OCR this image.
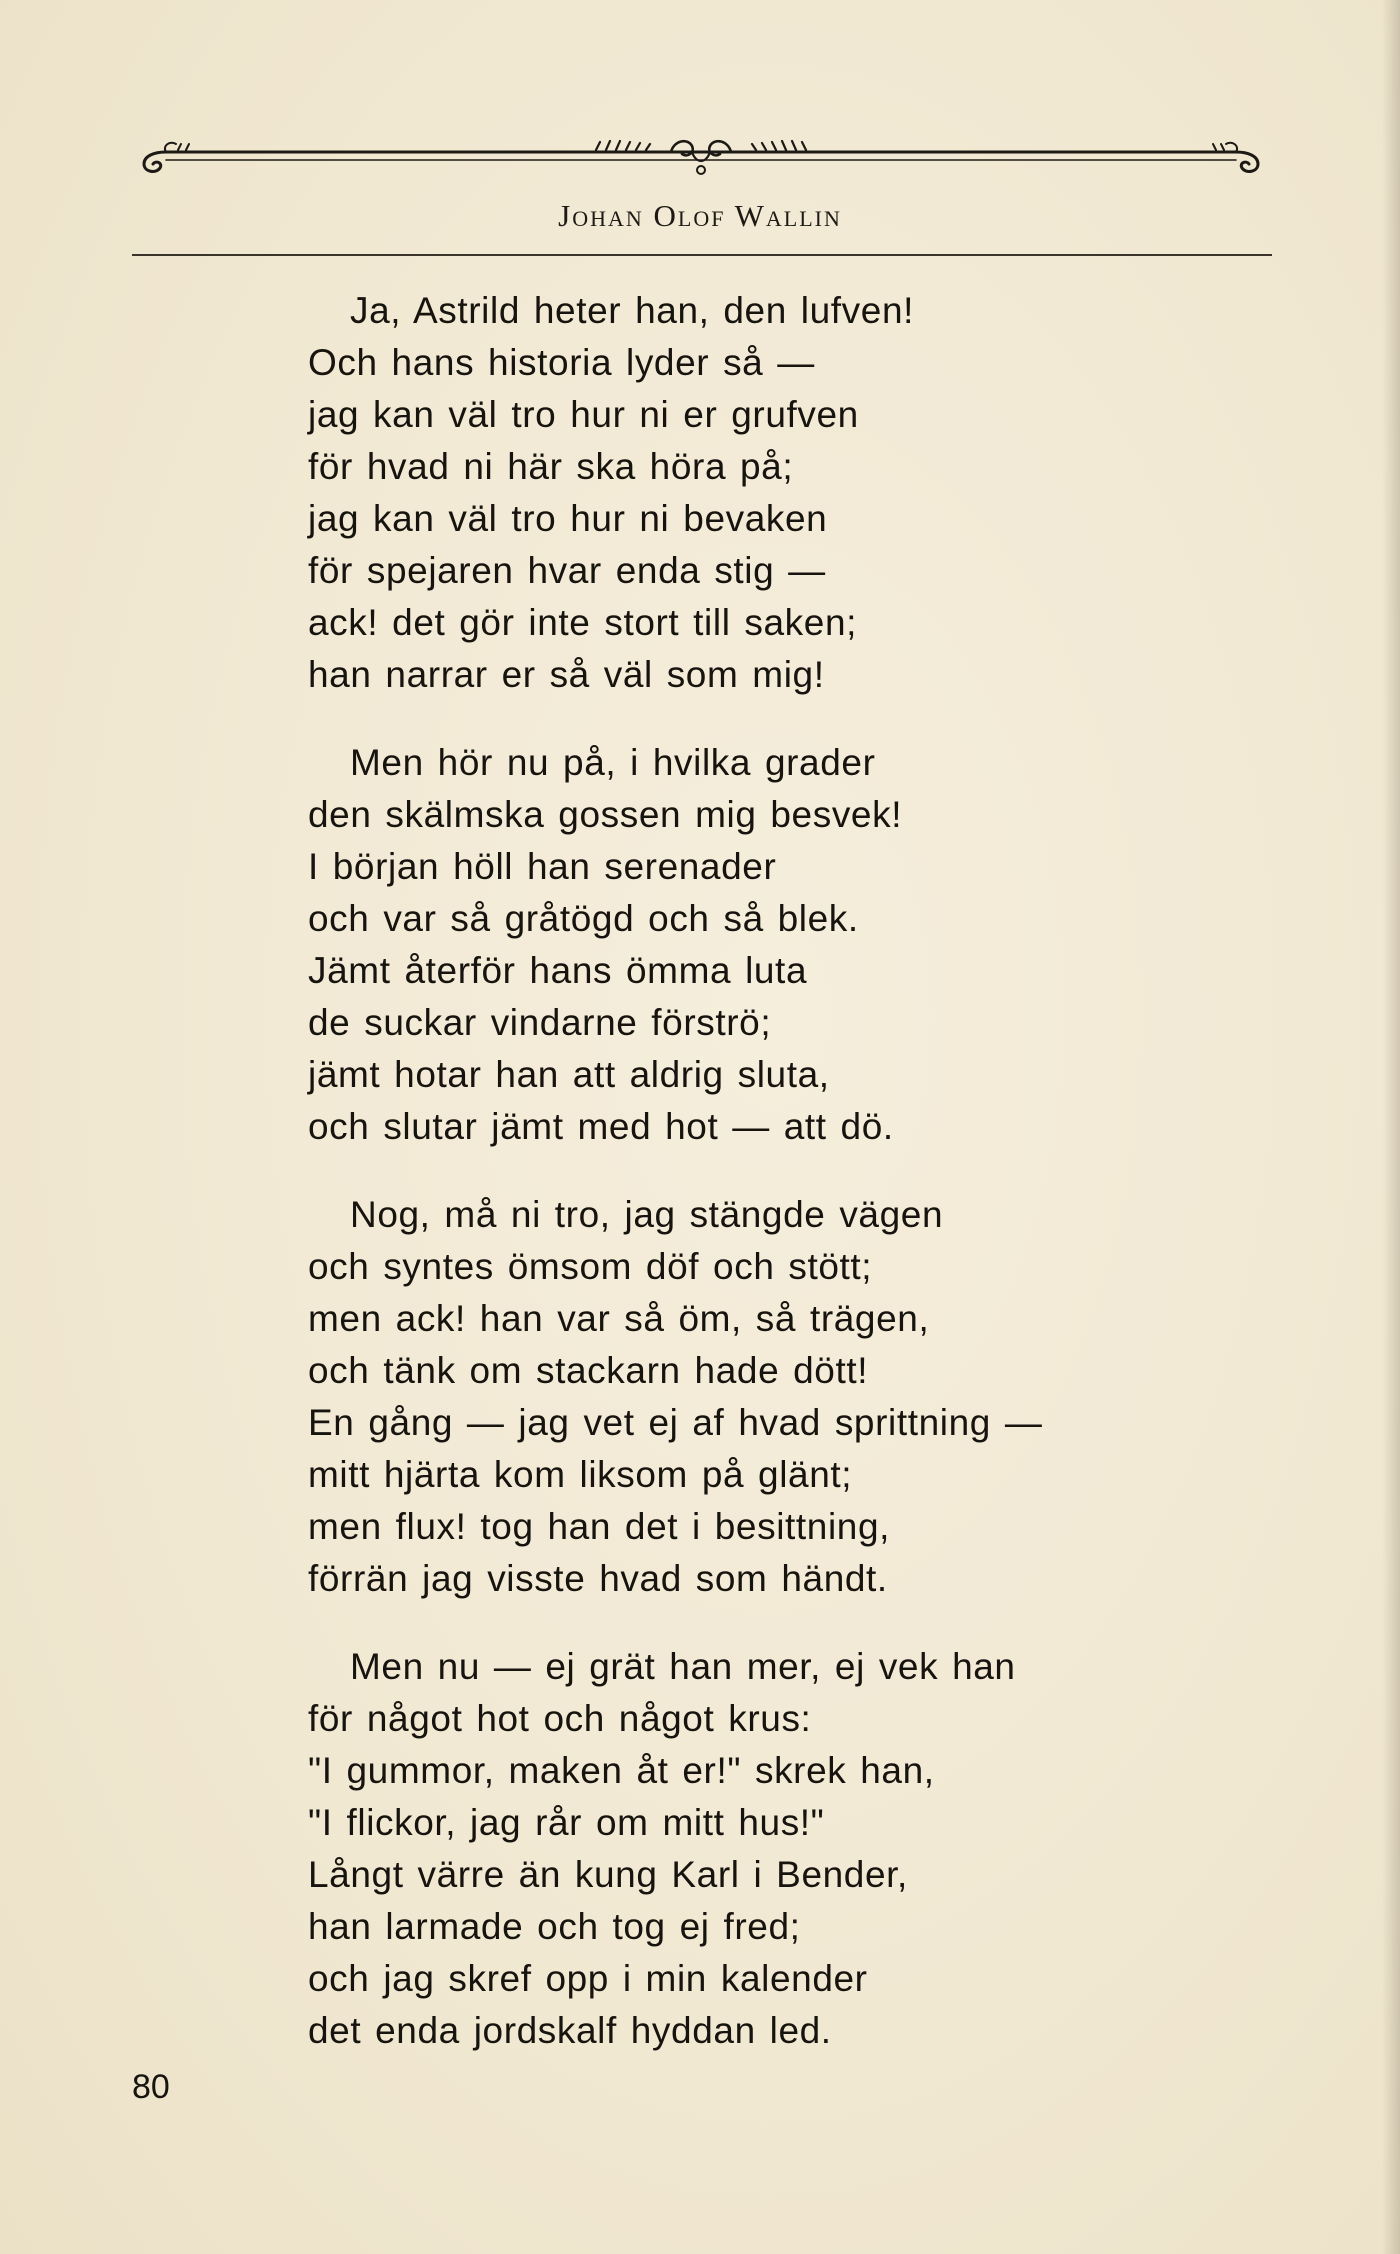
Johan Olof Wallin
Ja, Astrild heter han, den lufven!
Och hans historia lyder så —
jag kan väl tro hur ni er grufven
för hvad ni här ska höra på;
jag kan väl tro hur ni bevaken
för spejaren hvar enda stig —
ack! det gör inte stort till saken;
han narrar er så väl som mig!
Men hör nu på, i hvilka grader
den skälmska gossen mig besvek!
I början höll han serenader
och var så gråtögd och så blek.
Jämt återför hans ömma luta
de suckar vindarne förströ;
jämt hotar han att aldrig sluta,
och slutar jämt med hot — att dö.
Nog, må ni tro, jag stängde vägen
och syntes ömsom döf och stött;
men ack! han var så öm, så trägen,
och tänk om stackarn hade dött!
En gång — jag vet ej af hvad sprittning —
mitt hjärta kom liksom på glänt;
men flux! tog han det i besittning,
förrän jag visste hvad som händt.
Men nu — ej grät han mer, ej vek han
för något hot och något krus:
"I gummor, maken åt er!" skrek han,
"I flickor, jag rår om mitt hus!"
Långt värre än kung Karl i Bender,
han larmade och tog ej fred;
och jag skref opp i min kalender
det enda jordskalf hyddan led.
80
